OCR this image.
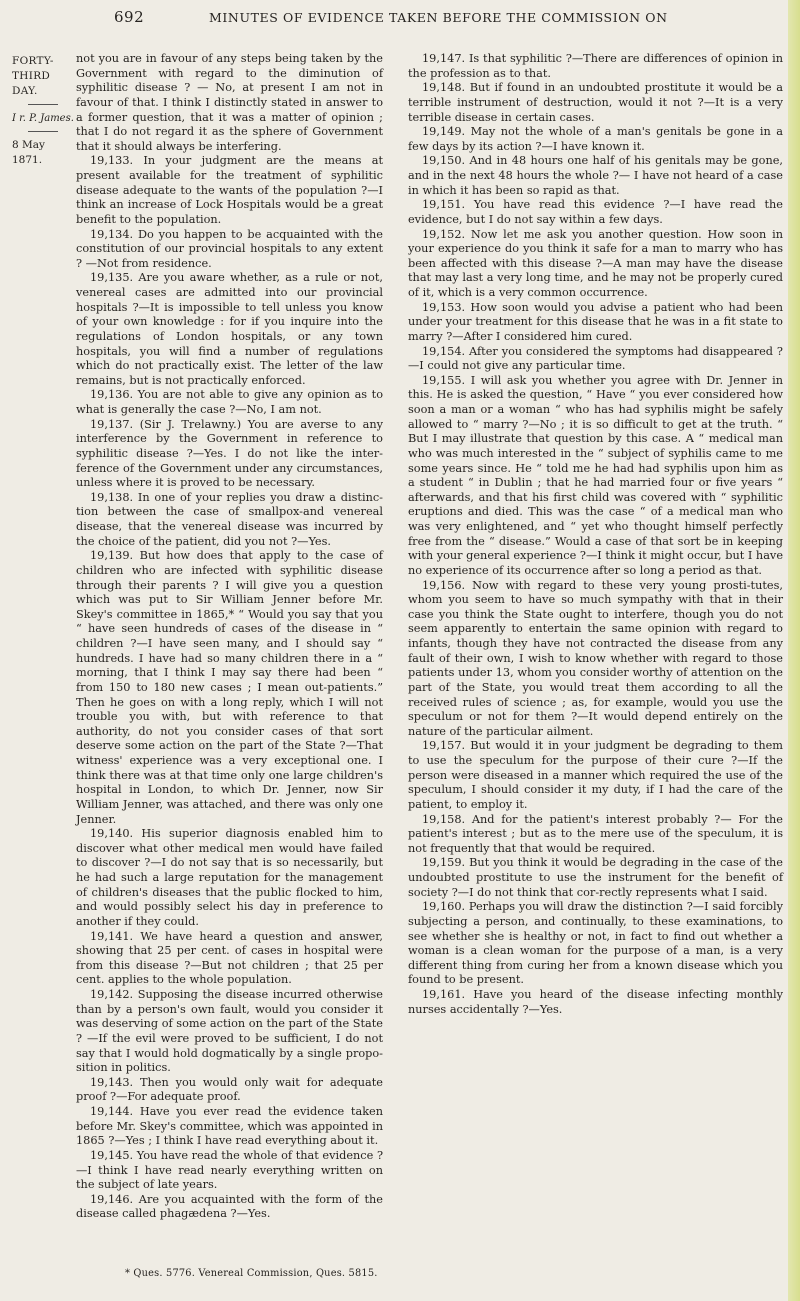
692	MINUTES OF EVIDENCE TAKEN BEFORE THE COMMISSION ON
FORTY-THIRD DAY.
I r. P. James.
8 May 1871.

not you are in favour of any steps being taken by the Government with regard to the diminution of syphilitic disease ? — No, at present I am not in favour of that. I think I distinctly stated in answer to a former question, that it was a matter of opinion ; that I do not regard it as the sphere of Government that it should always be interfering.

19,133. In your judgment are the means at present available for the treatment of syphilitic disease adequate to the wants of the population ?—I think an increase of Lock Hospitals would be a great benefit to the population.

19,134. Do you happen to be acquainted with the constitution of our provincial hospitals to any extent ? —Not from residence.

19,135. Are you aware whether, as a rule or not, venereal cases are admitted into our provincial hospitals ?—It is impossible to tell unless you know of your own knowledge : for if you inquire into the regulations of London hospitals, or any town hospitals, you will find a number of regulations which do not practically exist. The letter of the law remains, but is not practically enforced.

19,136. You are not able to give any opinion as to what is generally the case ?—No, I am not.

19,137. (Sir J. Trelawny.) You are averse to any interference by the Government in reference to syphilitic disease ?—Yes. I do not like the inter-ference of the Government under any circumstances, unless where it is proved to be necessary.

19,138. In one of your replies you draw a distinc-tion between the case of smallpox-and venereal disease, that the venereal disease was incurred by the choice of the patient, did you not ?—Yes.

19,139. But how does that apply to the case of children who are infected with syphilitic disease through their parents ? I will give you a question which was put to Sir William Jenner before Mr. Skey's committee in 1865,* “ Would you say that you “ have seen hundreds of cases of the disease in “ children ?—I have seen many, and I should say “ hundreds. I have had so many children there in a “ morning, that I think I may say there had been “ from 150 to 180 new cases ; I mean out-patients.” Then he goes on with a long reply, which I will not trouble you with, but with reference to that authority, do not you consider cases of that sort deserve some action on the part of the State ?—That witness' experience was a very exceptional one. I think there was at that time only one large children's hospital in London, to which Dr. Jenner, now Sir William Jenner, was attached, and there was only one Jenner.

19,140. His superior diagnosis enabled him to discover what other medical men would have failed to discover ?—I do not say that is so necessarily, but he had such a large reputation for the management of children's diseases that the public flocked to him, and would possibly select his day in preference to another if they could.

19,141. We have heard a question and answer, showing that 25 per cent. of cases in hospital were from this disease ?—But not children ; that 25 per cent. applies to the whole population.

19,142. Supposing the disease incurred otherwise than by a person's own fault, would you consider it was deserving of some action on the part of the State ? —If the evil were proved to be sufficient, I do not say that I would hold dogmatically by a single propo-sition in politics.

19,143. Then you would only wait for adequate proof ?—For adequate proof.

19,144. Have you ever read the evidence taken before Mr. Skey's committee, which was appointed in 1865 ?—Yes ; I think I have read everything about it.

19,145. You have read the whole of that evidence ? —I think I have read nearly everything written on the subject of late years.

19,146. Are you acquainted with the form of the disease called phagædena ?—Yes.

19,147. Is that syphilitic ?—There are differences of opinion in the profession as to that.

19,148. But if found in an undoubted prostitute it would be a terrible instrument of destruction, would it not ?—It is a very terrible disease in certain cases.

19,149. May not the whole of a man's genitals be gone in a few days by its action ?—I have known it.

19,150. And in 48 hours one half of his genitals may be gone, and in the next 48 hours the whole ?— I have not heard of a case in which it has been so rapid as that.

19,151. You have read this evidence ?—I have read the evidence, but I do not say within a few days.

19,152. Now let me ask you another question. How soon in your experience do you think it safe for a man to marry who has been affected with this disease ?—A man may have the disease that may last a very long time, and he may not be properly cured of it, which is a very common occurrence.

19,153. How soon would you advise a patient who had been under your treatment for this disease that he was in a fit state to marry ?—After I considered him cured.

19,154. After you considered the symptoms had disappeared ?—I could not give any particular time.

19,155. I will ask you whether you agree with Dr. Jenner in this. He is asked the question, “ Have “ you ever considered how soon a man or a woman “ who has had syphilis might be safely allowed to “ marry ?—No ; it is so difficult to get at the truth. “ But I may illustrate that question by this case. A “ medical man who was much interested in the “ subject of syphilis came to me some years since. He “ told me he had had syphilis upon him as a student “ in Dublin ; that he had married four or five years “ afterwards, and that his first child was covered with “ syphilitic eruptions and died. This was the case “ of a medical man who was very enlightened, and “ yet who thought himself perfectly free from the “ disease.” Would a case of that sort be in keeping with your general experience ?—I think it might occur, but I have no experience of its occurrence after so long a period as that.

19,156. Now with regard to these very young prosti-tutes, whom you seem to have so much sympathy with that in their case you think the State ought to interfere, though you do not seem apparently to entertain the same opinion with regard to infants, though they have not contracted the disease from any fault of their own, I wish to know whether with regard to those patients under 13, whom you consider worthy of attention on the part of the State, you would treat them according to all the received rules of science ; as, for example, would you use the speculum or not for them ?—It would depend entirely on the nature of the particular ailment.

19,157. But would it in your judgment be degrading to them to use the speculum for the purpose of their cure ?—If the person were diseased in a manner which required the use of the speculum, I should consider it my duty, if I had the care of the patient, to employ it.

19,158. And for the patient's interest probably ?— For the patient's interest ; but as to the mere use of the speculum, it is not frequently that that would be required.

19,159. But you think it would be degrading in the case of the undoubted prostitute to use the instrument for the benefit of society ?—I do not think that cor-rectly represents what I said.

19,160. Perhaps you will draw the distinction ?—I said forcibly subjecting a person, and continually, to these examinations, to see whether she is healthy or not, in fact to find out whether a woman is a clean woman for the purpose of a man, is a very different thing from curing her from a known disease which you found to be present.

19,161. Have you heard of the disease infecting monthly nurses accidentally ?—Yes.

* Ques. 5776. Venereal Commission, Ques. 5815.
